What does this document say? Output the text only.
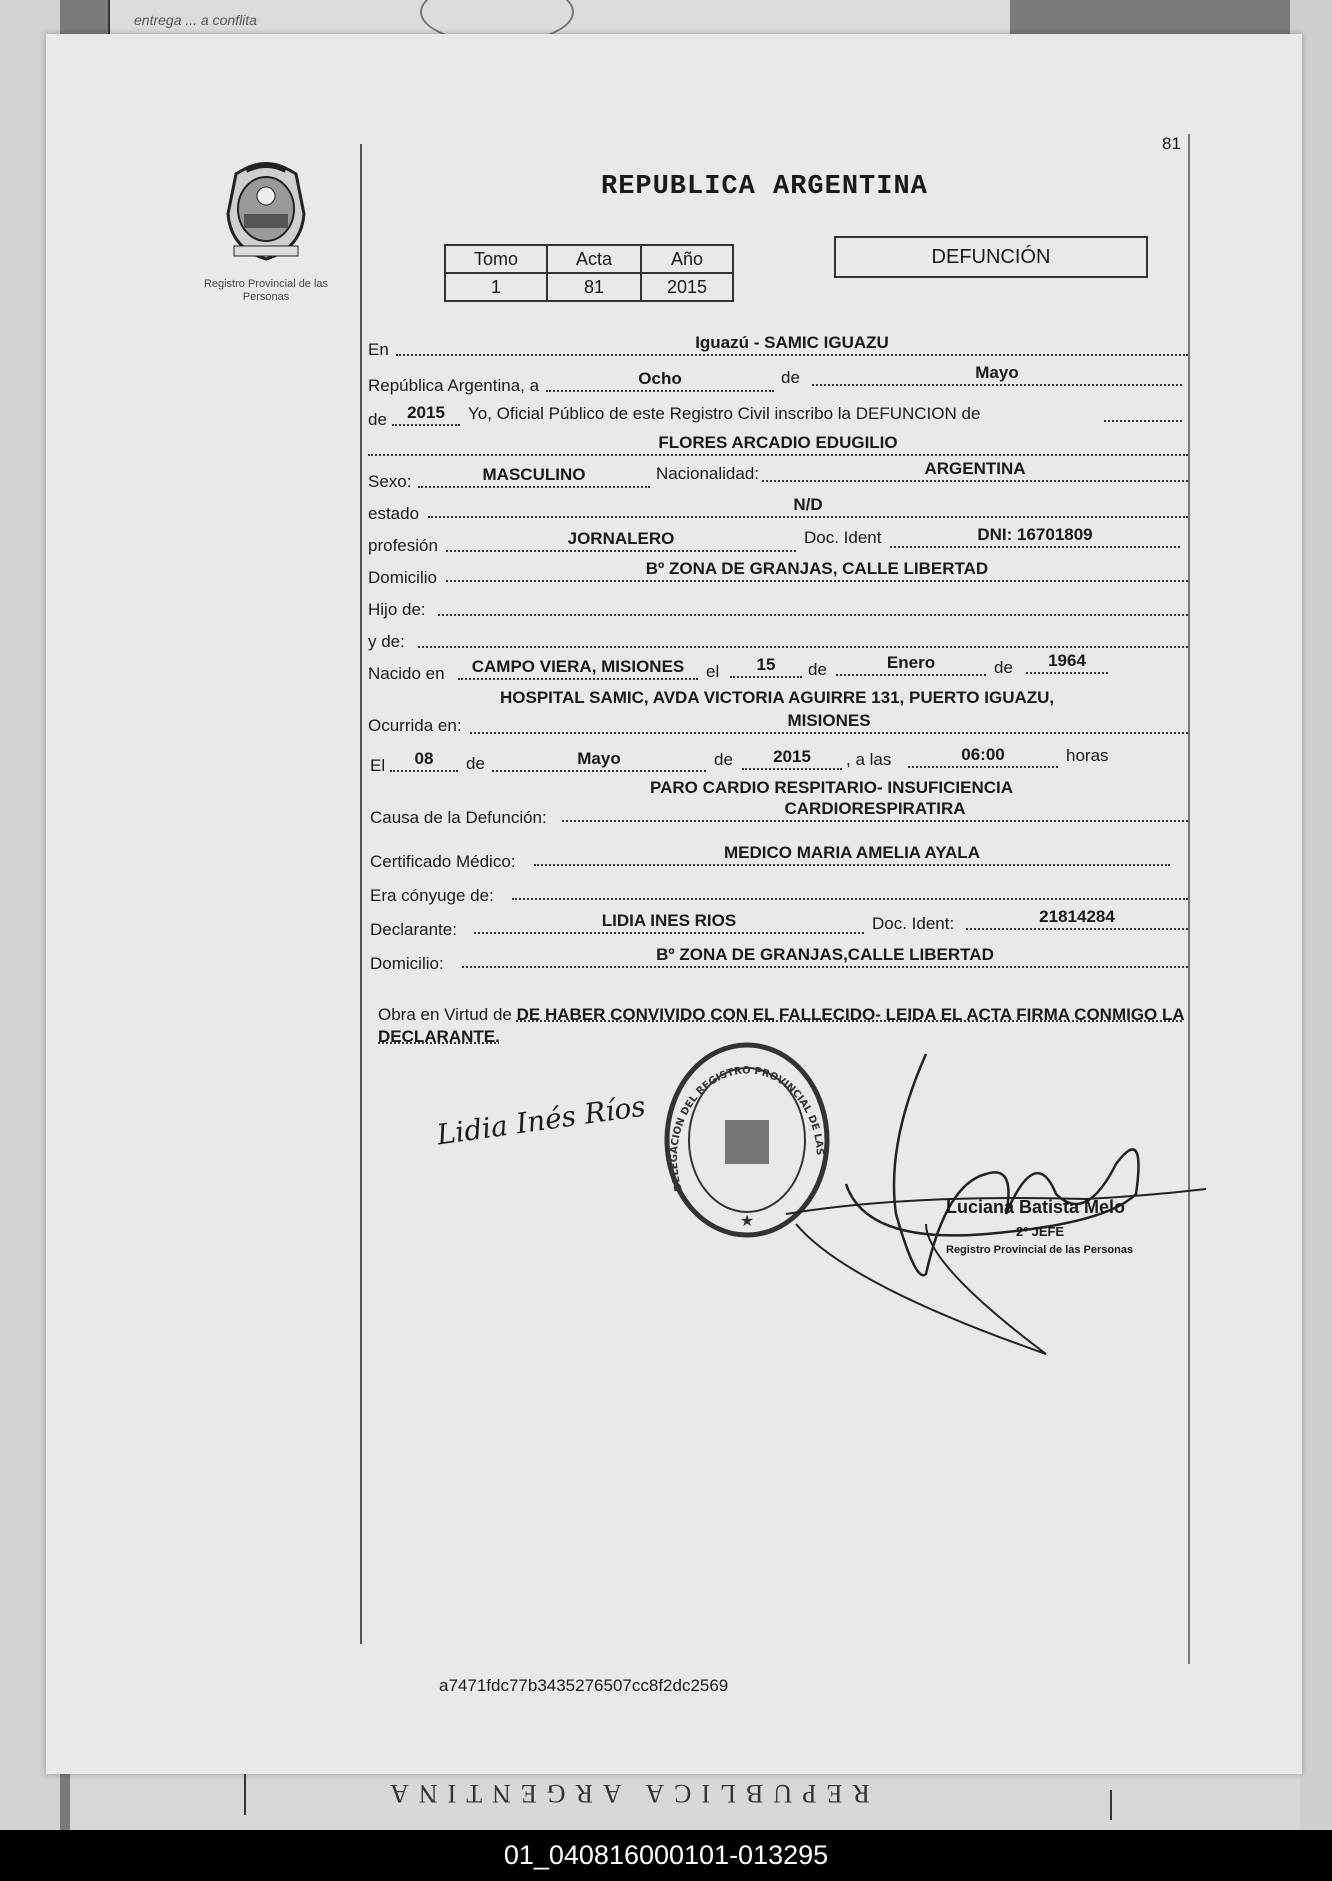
entrega ... a conflita
REPUBLICA ARGENTINA
81
Registro Provincial de las Personas
REPUBLICA ARGENTINA
Tomo	Acta	Año
1	81	2015
DEFUNCIÓN
En	Iguazú - SAMIC IGUAZU
República Argentina, a	Ocho	de	Mayo
de	2015	Yo, Oficial Público de este Registro Civil inscribo la DEFUNCION de
FLORES ARCADIO EDUGILIO
Sexo:	MASCULINO	Nacionalidad:	ARGENTINA
estado	N/D
profesión	JORNALERO	Doc. Ident	DNI: 16701809
Domicilio	Bº ZONA DE GRANJAS, CALLE LIBERTAD
Hijo de:
y de:
Nacido en	CAMPO VIERA, MISIONES	el	15	de	Enero	de	1964
Ocurrida en:
HOSPITAL SAMIC, AVDA VICTORIA AGUIRRE 131, PUERTO IGUAZU,
MISIONES
El	08	de	Mayo	de	2015	, a las	06:00	horas
Causa de la Defunción:
PARO CARDIO RESPITARIO- INSUFICIENCIA
CARDIORESPIRATIRA
Certificado Médico:	MEDICO MARIA AMELIA AYALA
Era cónyuge de:
Declarante:	LIDIA INES RIOS	Doc. Ident:	21814284
Domicilio:	Bº ZONA DE GRANJAS,CALLE LIBERTAD
Obra en Virtud de DE HABER CONVIVIDO CON EL FALLECIDO- LEIDA EL ACTA FIRMA CONMIGO LA DECLARANTE.
★
DELEGACION DEL REGISTRO PROVINCIAL DE LAS
Lidia Inés Ríos
Luciana Batista Melo
2º JEFE
Registro Provincial de las Personas
a7471fdc77b3435276507cc8f2dc2569
01_040816000101-013295
